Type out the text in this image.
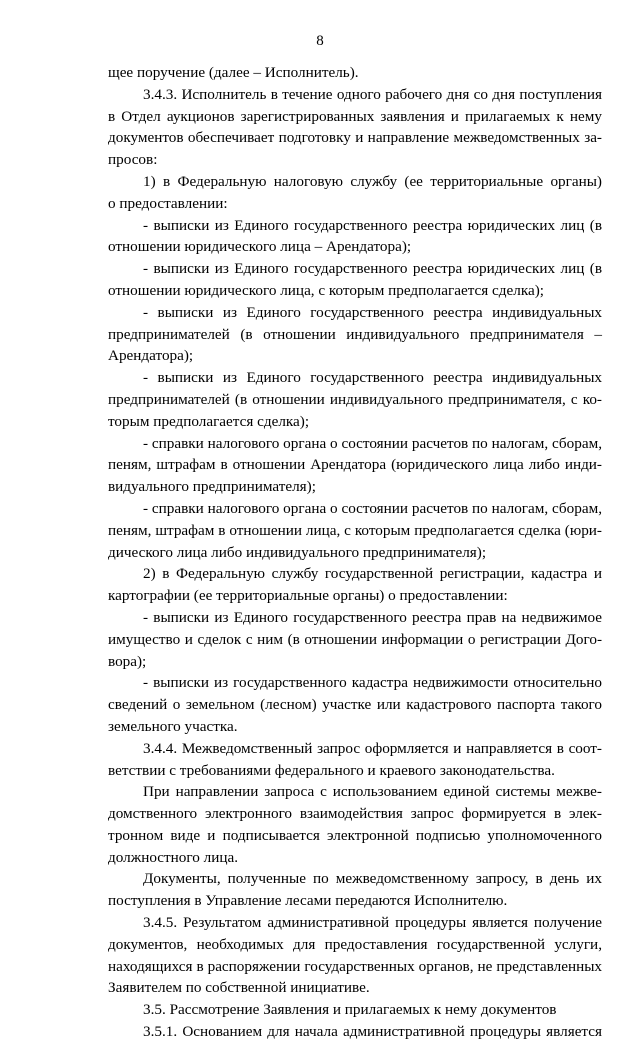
8
щее поручение (далее – Исполнитель).
3.4.3. Исполнитель в течение одного рабочего дня со дня поступления
в Отдел аукционов зарегистрированных заявления и прилагаемых к нему
документов обеспечивает подготовку и направление межведомственных за-
просов:
1) в Федеральную налоговую службу (ее территориальные органы)
о предоставлении:
- выписки из Единого государственного реестра юридических лиц (в
отношении юридического лица – Арендатора);
- выписки из Единого государственного реестра юридических лиц (в
отношении юридического лица, с которым предполагается сделка);
- выписки из Единого государственного реестра индивидуальных
предпринимателей (в отношении индивидуального предпринимателя –
Арендатора);
- выписки из Единого государственного реестра индивидуальных
предпринимателей (в отношении индивидуального предпринимателя, с ко-
торым предполагается сделка);
- справки налогового органа о состоянии расчетов по налогам, сборам,
пеням, штрафам в отношении Арендатора (юридического лица либо инди-
видуального предпринимателя);
- справки налогового органа о состоянии расчетов по налогам, сборам,
пеням, штрафам в отношении лица, с которым предполагается сделка (юри-
дического лица либо индивидуального предпринимателя);
2) в Федеральную службу государственной регистрации, кадастра и
картографии (ее территориальные органы) о предоставлении:
- выписки из Единого государственного реестра прав на недвижимое
имущество и сделок с ним (в отношении информации о регистрации Дого-
вора);
- выписки из государственного кадастра недвижимости относительно
сведений о земельном (лесном) участке или кадастрового паспорта такого
земельного участка.
3.4.4. Межведомственный запрос оформляется и направляется в соот-
ветствии с требованиями федерального и краевого законодательства.
При направлении запроса с использованием единой системы межве-
домственного электронного взаимодействия запрос формируется в элек-
тронном виде и подписывается электронной подписью уполномоченного
должностного лица.
Документы, полученные по межведомственному запросу, в день их
поступления в Управление лесами передаются Исполнителю.
3.4.5. Результатом административной процедуры является получение
документов, необходимых для предоставления государственной услуги,
находящихся в распоряжении государственных органов, не представленных
Заявителем по собственной инициативе.
3.5. Рассмотрение Заявления и прилагаемых к нему документов
3.5.1. Основанием для начала административной процедуры является
